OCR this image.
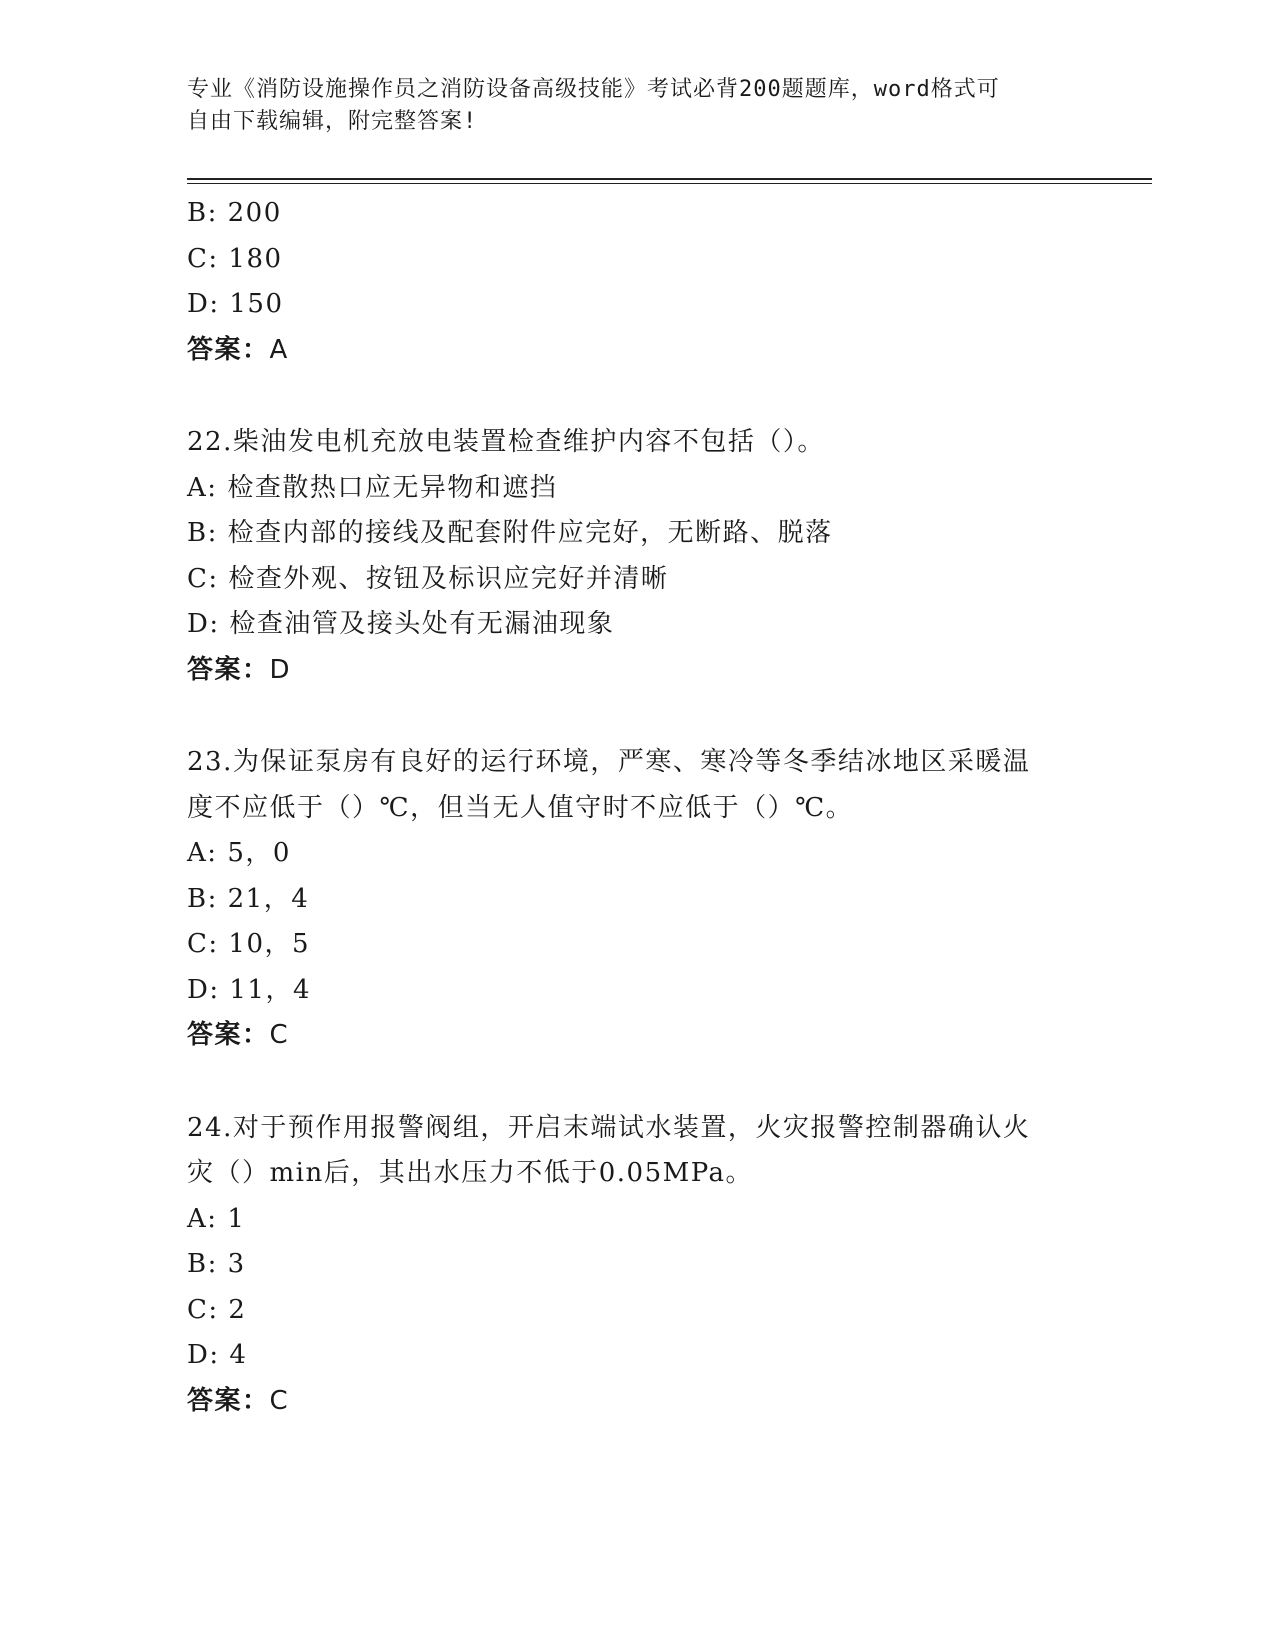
专业《消防设施操作员之消防设备高级技能》考试必背200题题库，word格式可
自由下载编辑，附完整答案!
B: 200
C: 180
D: 150
答案：A
22.柴油发电机充放电装置检查维护内容不包括（）。
A: 检查散热口应无异物和遮挡
B: 检查内部的接线及配套附件应完好，无断路、脱落
C: 检查外观、按钮及标识应完好并清晰
D: 检查油管及接头处有无漏油现象
答案：D
23.为保证泵房有良好的运行环境，严寒、寒冷等冬季结冰地区采暖温
度不应低于（）℃，但当无人值守时不应低于（）℃。
A: 5，0
B: 21，4
C: 10，5
D: 11，4
答案：C
24.对于预作用报警阀组，开启末端试水装置，火灾报警控制器确认火
灾（）min后，其出水压力不低于0.05MPa。
A: 1
B: 3
C: 2
D: 4
答案：C
